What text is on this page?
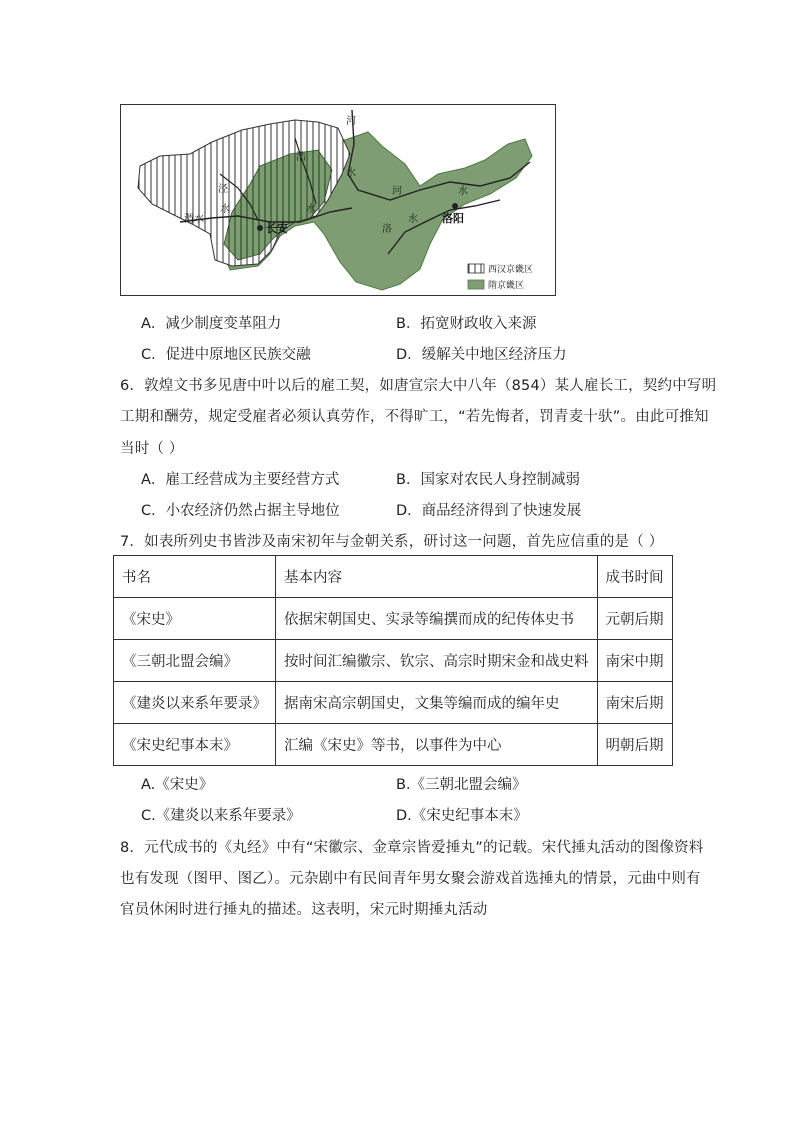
河
浩
泾
渭水
水
水
水
水
河
洛
水
长安
洛阳
西汉京畿区
隋京畿区
A．减少制度变革阻力	B．拓宽财政收入来源
C．促进中原地区民族交融	D．缓解关中地区经济压力
6．敦煌文书多见唐中叶以后的雇工契，如唐宣宗大中八年（854）某人雇长工，契约中写明
工期和酬劳，规定受雇者必须认真劳作，不得旷工，“若先悔者，罚青麦十驮”。由此可推知
当时（ ）
A．雇工经营成为主要经营方式	B．国家对农民人身控制减弱
C．小农经济仍然占据主导地位	D．商品经济得到了快速发展
7．如表所列史书皆涉及南宋初年与金朝关系，研讨这一问题，首先应信重的是（ ）
书名	基本内容	成书时间
《宋史》	依据宋朝国史、实录等编撰而成的纪传体史书	元朝后期
《三朝北盟会编》	按时间汇编徽宗、钦宗、高宗时期宋金和战史料	南宋中期
《建炎以来系年要录》	据南宋高宗朝国史，文集等编而成的编年史	南宋后期
《宋史纪事本末》	汇编《宋史》等书，以事件为中心	明朝后期
A.《宋史》	B.《三朝北盟会编》
C.《建炎以来系年要录》	D.《宋史纪事本末》
8．元代成书的《丸经》中有“宋徽宗、金章宗皆爱捶丸”的记载。宋代捶丸活动的图像资料
也有发现（图甲、图乙）。元杂剧中有民间青年男女聚会游戏首选捶丸的情景，元曲中则有
官员休闲时进行捶丸的描述。这表明，宋元时期捶丸活动
